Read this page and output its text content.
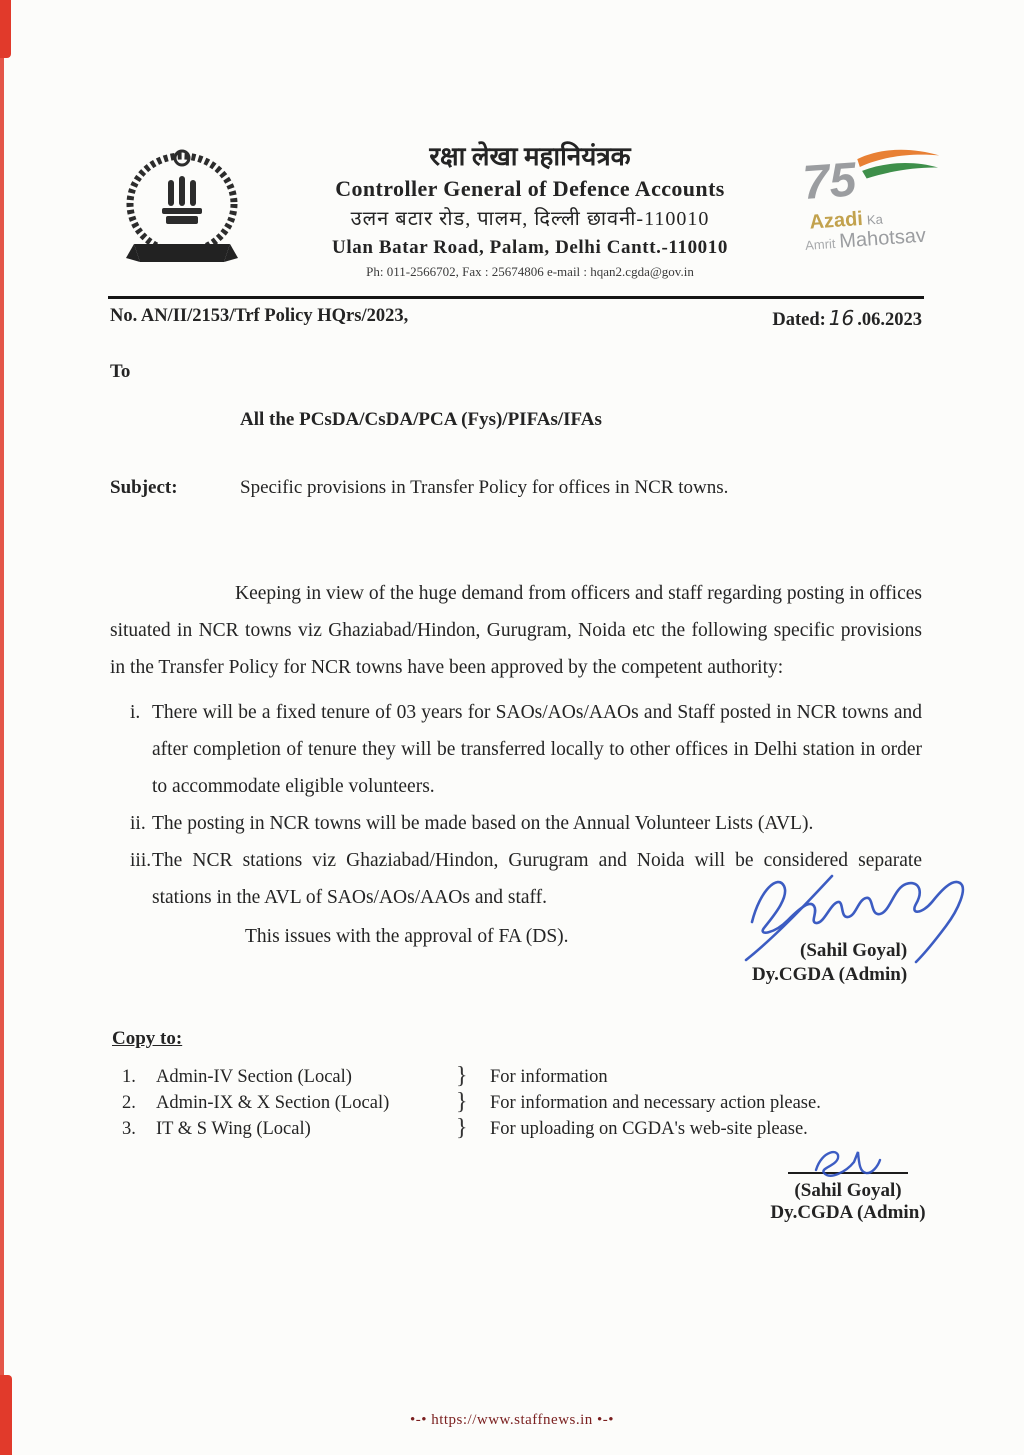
रक्षा लेखा महानियंत्रक
Controller General of Defence Accounts
उलन बटार रोड, पालम, दिल्ली छावनी-110010
Ulan Batar Road, Palam, Delhi Cantt.-110010
Ph: 011-2566702, Fax : 25674806 e-mail : hqan2.cgda@gov.in
75
Azadi Ka
Amrit Mahotsav
No. AN/II/2153/Trf Policy HQrs/2023,	Dated: 16 .06.2023
To
All the PCsDA/CsDA/PCA (Fys)/PIFAs/IFAs
Subject:	Specific provisions in Transfer Policy for offices in NCR towns.
Keeping in view of the huge demand from officers and staff regarding posting in offices situated in NCR towns viz Ghaziabad/Hindon, Gurugram, Noida etc the following specific provisions in the Transfer Policy for NCR towns have been approved by the competent authority:
i. There will be a fixed tenure of 03 years for SAOs/AOs/AAOs and Staff posted in NCR towns and after completion of tenure they will be transferred locally to other offices in Delhi station in order to accommodate eligible volunteers.
ii. The posting in NCR towns will be made based on the Annual Volunteer Lists (AVL).
iii. The NCR stations viz Ghaziabad/Hindon, Gurugram and Noida will be considered separate stations in the AVL of SAOs/AOs/AAOs and staff.
This issues with the approval of FA (DS).
(Sahil Goyal)
Dy.CGDA (Admin)
Copy to:
1.	Admin-IV Section (Local)	}	For information
2.	Admin-IX & X Section (Local)	}	For information and necessary action please.
3.	IT & S Wing (Local)	}	For uploading on CGDA's web-site please.
(Sahil Goyal)
Dy.CGDA (Admin)
•-• https://www.staffnews.in •-•
